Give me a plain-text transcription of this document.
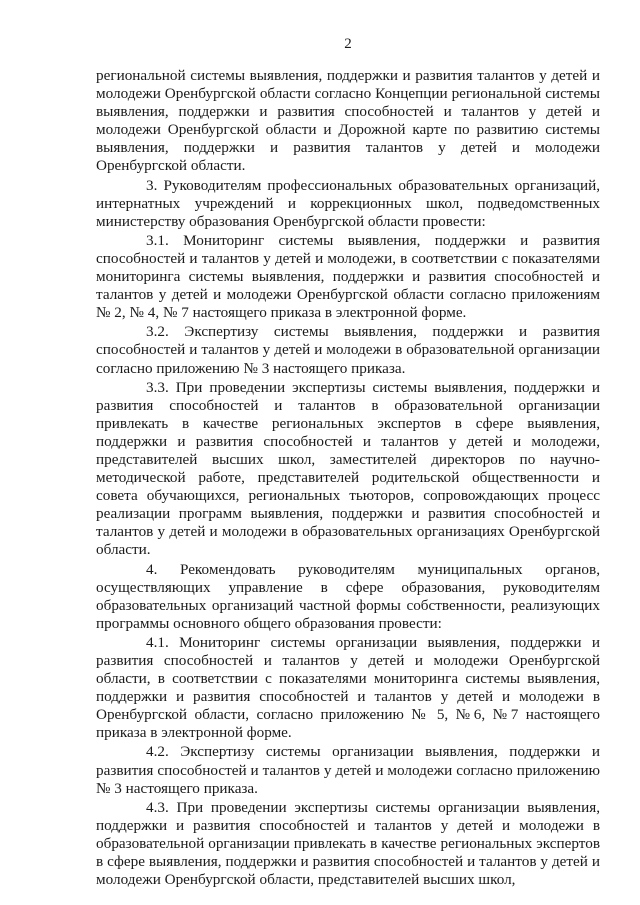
2

региональной системы выявления, поддержки и развития талантов у детей и молодежи Оренбургской области согласно Концепции региональной системы выявления, поддержки и развития способностей и талантов у детей и молодежи Оренбургской области и Дорожной карте по развитию системы выявления, поддержки и развития талантов у детей и молодежи Оренбургской области.

3. Руководителям профессиональных образовательных организаций, интернатных учреждений и коррекционных школ, подведомственных министерству образования Оренбургской области провести:

3.1. Мониторинг системы выявления, поддержки и развития способностей и талантов у детей и молодежи, в соответствии с показателями мониторинга системы выявления, поддержки и развития способностей и талантов у детей и молодежи Оренбургской области согласно приложениям № 2, № 4, № 7 настоящего приказа в электронной форме.

3.2. Экспертизу системы выявления, поддержки и развития способностей и талантов у детей и молодежи в образовательной организации согласно приложению № 3 настоящего приказа.

3.3. При проведении экспертизы системы выявления, поддержки и развития способностей и талантов в образовательной организации привлекать в качестве региональных экспертов в сфере выявления, поддержки и развития способностей и талантов у детей и молодежи, представителей высших школ, заместителей директоров по научно-методической работе, представителей родительской общественности и совета обучающихся, региональных тьюторов, сопровождающих процесс реализации программ выявления, поддержки и развития способностей и талантов у детей и молодежи в образовательных организациях Оренбургской области.

4. Рекомендовать руководителям муниципальных органов, осуществляющих управление в сфере образования, руководителям образовательных организаций частной формы собственности, реализующих программы основного общего образования провести:

4.1. Мониторинг системы организации выявления, поддержки и развития способностей и талантов у детей и молодежи Оренбургской области, в соответствии с показателями мониторинга системы выявления, поддержки и развития способностей и талантов у детей и молодежи в Оренбургской области, согласно приложению № 5, №6, №7 настоящего приказа в электронной форме.

4.2. Экспертизу системы организации выявления, поддержки и развития способностей и талантов у детей и молодежи согласно приложению № 3 настоящего приказа.

4.3. При проведении экспертизы системы организации выявления, поддержки и развития способностей и талантов у детей и молодежи в образовательной организации привлекать в качестве региональных экспертов в сфере выявления, поддержки и развития способностей и талантов у детей и молодежи Оренбургской области, представителей высших школ,
